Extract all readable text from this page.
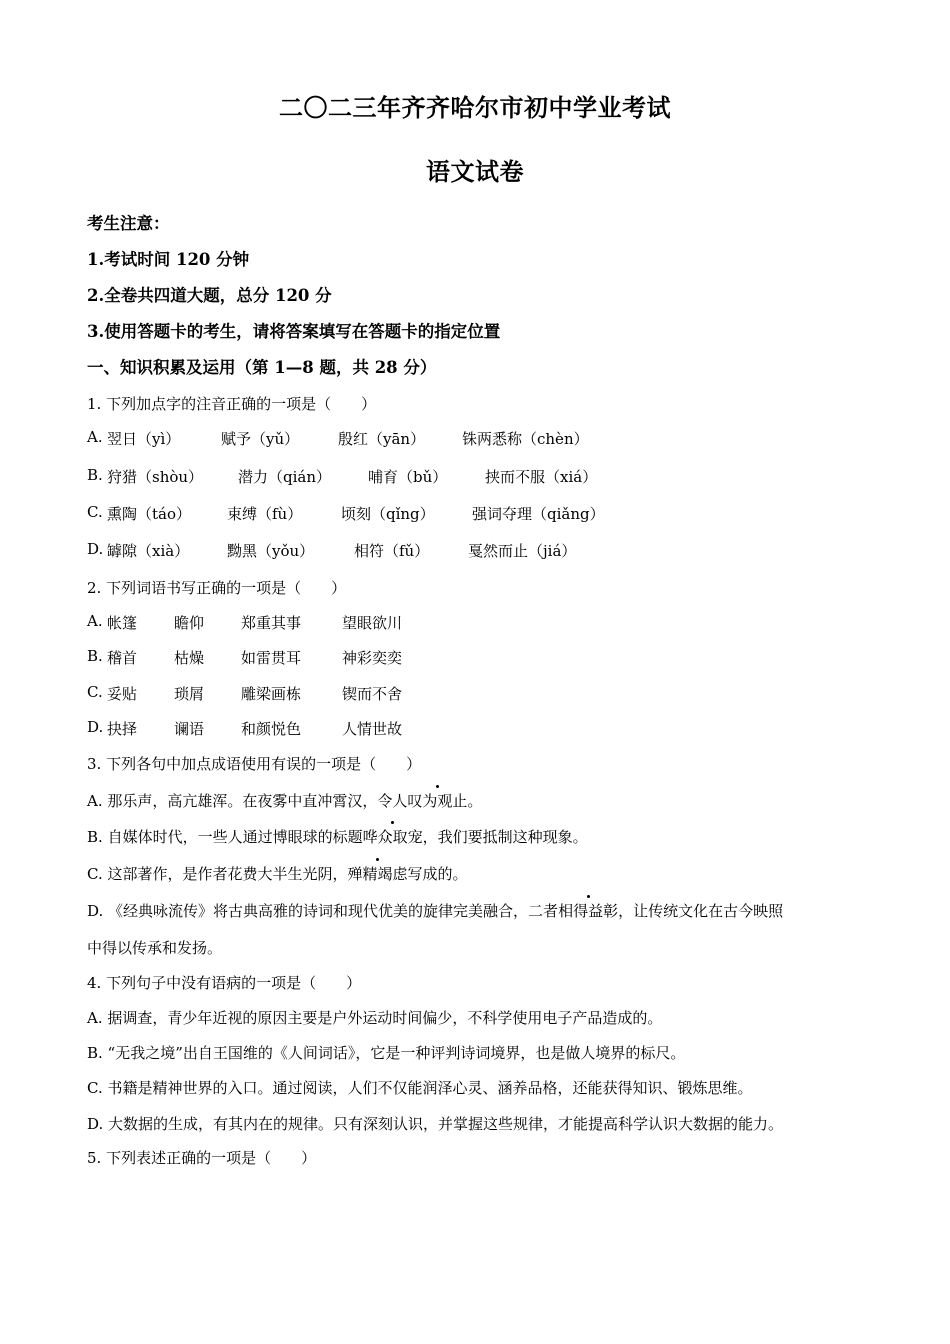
二〇二三年齐齐哈尔市初中学业考试
语文试卷
考生注意：
1.考试时间 120 分钟
2.全卷共四道大题，总分 120 分
3.使用答题卡的考生，请将答案填写在答题卡的指定位置
一、知识积累及运用（第 1—8 题，共 28 分）
1. 下列加点字的注音正确的一项是（　　）
A. 翌日（yì）	赋予（yǔ）	殷红（yān） 铢两悉称（chèn）
B. 狩猎（shòu） 潜力（qián） 哺育（bǔ）	挟而不服（xiá）
C. 熏陶（táo） 束缚（fù）	顷刻（qǐng） 强词夺理（qiǎng）
D. 罅隙（xià）	黝黑（yǒu）	相符（fǔ）	戛然而止（jiá）
2. 下列词语书写正确的一项是（　　）
A. 帐篷 瞻仰 郑重其事	望眼欲川
B. 稽首 枯燥 如雷贯耳	神彩奕奕
C. 妥贴 琐屑 雕梁画栋	锲而不舍
D. 抉择 谰语 和颜悦色	人情世故
3. 下列各句中加点成语使用有误的一项是（　　）
A. 那乐声，高亢雄浑。在夜雾中直冲霄汉，令人叹为观止。
B. 自媒体时代，一些人通过博眼球的标题哗众取宠，我们要抵制这种现象。
C. 这部著作，是作者花费大半生光阴，殚精竭虑写成的。
D. 《经典咏流传》将古典高雅的诗词和现代优美的旋律完美融合，二者相得益彰，让传统文化在古今映照
中得以传承和发扬。
4. 下列句子中没有语病的一项是（　　）
A. 据调查，青少年近视的原因主要是户外运动时间偏少，不科学使用电子产品造成的。
B. “无我之境”出自王国维的《人间词话》，它是一种评判诗词境界，也是做人境界的标尺。
C. 书籍是精神世界的入口。通过阅读，人们不仅能润泽心灵、涵养品格，还能获得知识、锻炼思维。
D. 大数据的生成，有其内在的规律。只有深刻认识，并掌握这些规律，才能提高科学认识大数据的能力。
5. 下列表述正确的一项是（　　）
